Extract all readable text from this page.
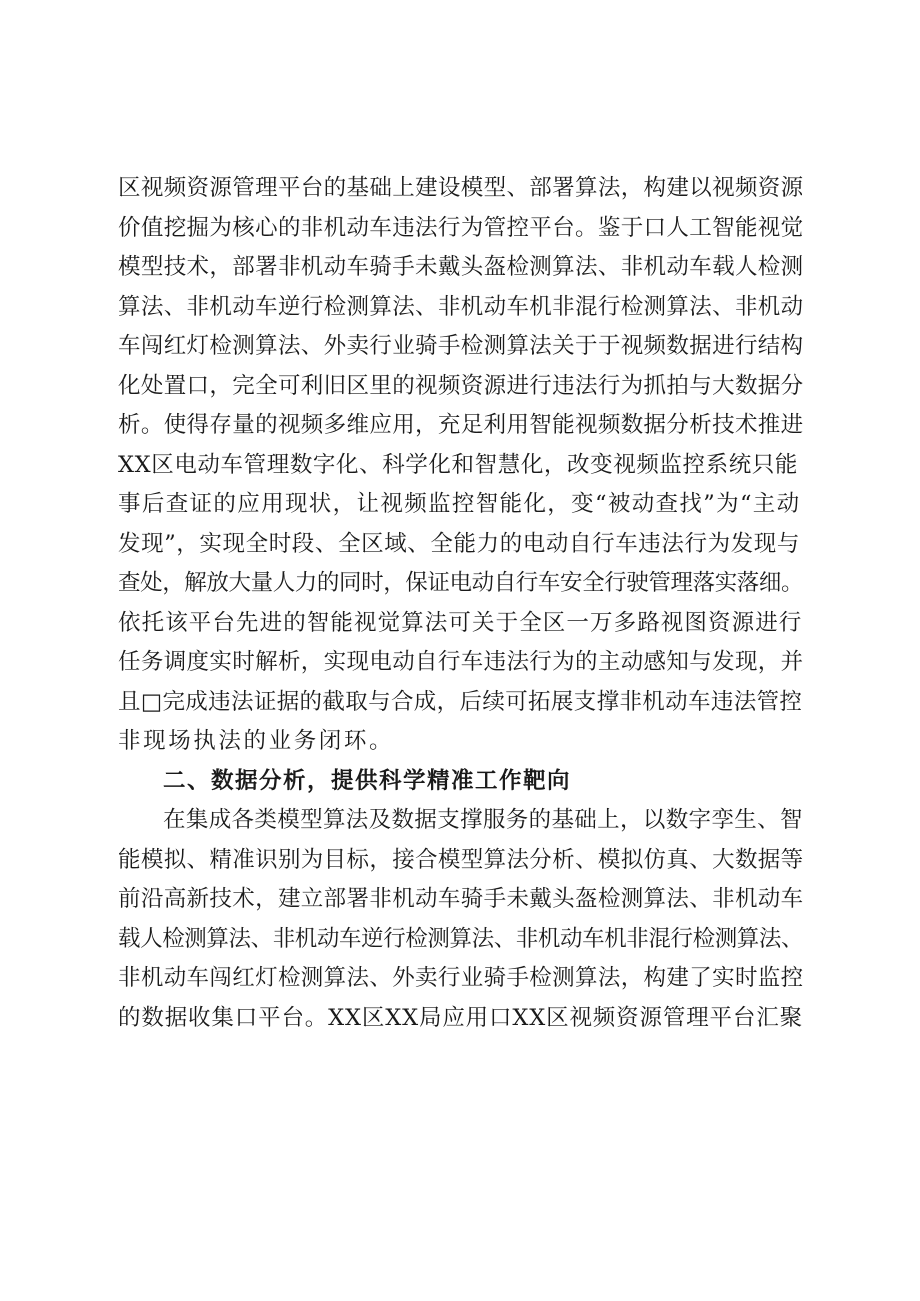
区视频资源管理平台的基础上建设模型、部署算法，构建以视频资源
价值挖掘为核心的非机动车违法行为管控平台。鉴于口人工智能视觉
模型技术，部署非机动车骑手未戴头盔检测算法、非机动车载人检测
算法、非机动车逆行检测算法、非机动车机非混行检测算法、非机动
车闯红灯检测算法、外卖行业骑手检测算法关于于视频数据进行结构
化处置口，完全可利旧区里的视频资源进行违法行为抓拍与大数据分
析。使得存量的视频多维应用，充足利用智能视频数据分析技术推进
XX区电动车管理数字化、科学化和智慧化，改变视频监控系统只能
事后查证的应用现状，让视频监控智能化，变“被动查找”为“主动
发现”，实现全时段、全区域、全能力的电动自行车违法行为发现与
查处，解放大量人力的同时，保证电动自行车安全行驶管理落实落细。
依托该平台先进的智能视觉算法可关于全区一万多路视图资源进行
任务调度实时解析，实现电动自行车违法行为的主动感知与发现，并
且□完成违法证据的截取与合成，后续可拓展支撑非机动车违法管控
非现场执法的业务闭环。
二、数据分析，提供科学精准工作靶向
在集成各类模型算法及数据支撑服务的基础上，以数字孪生、智
能模拟、精准识别为目标，接合模型算法分析、模拟仿真、大数据等
前沿高新技术，建立部署非机动车骑手未戴头盔检测算法、非机动车
载人检测算法、非机动车逆行检测算法、非机动车机非混行检测算法、
非机动车闯红灯检测算法、外卖行业骑手检测算法，构建了实时监控
的数据收集口平台。XX区XX局应用口XX区视频资源管理平台汇聚
